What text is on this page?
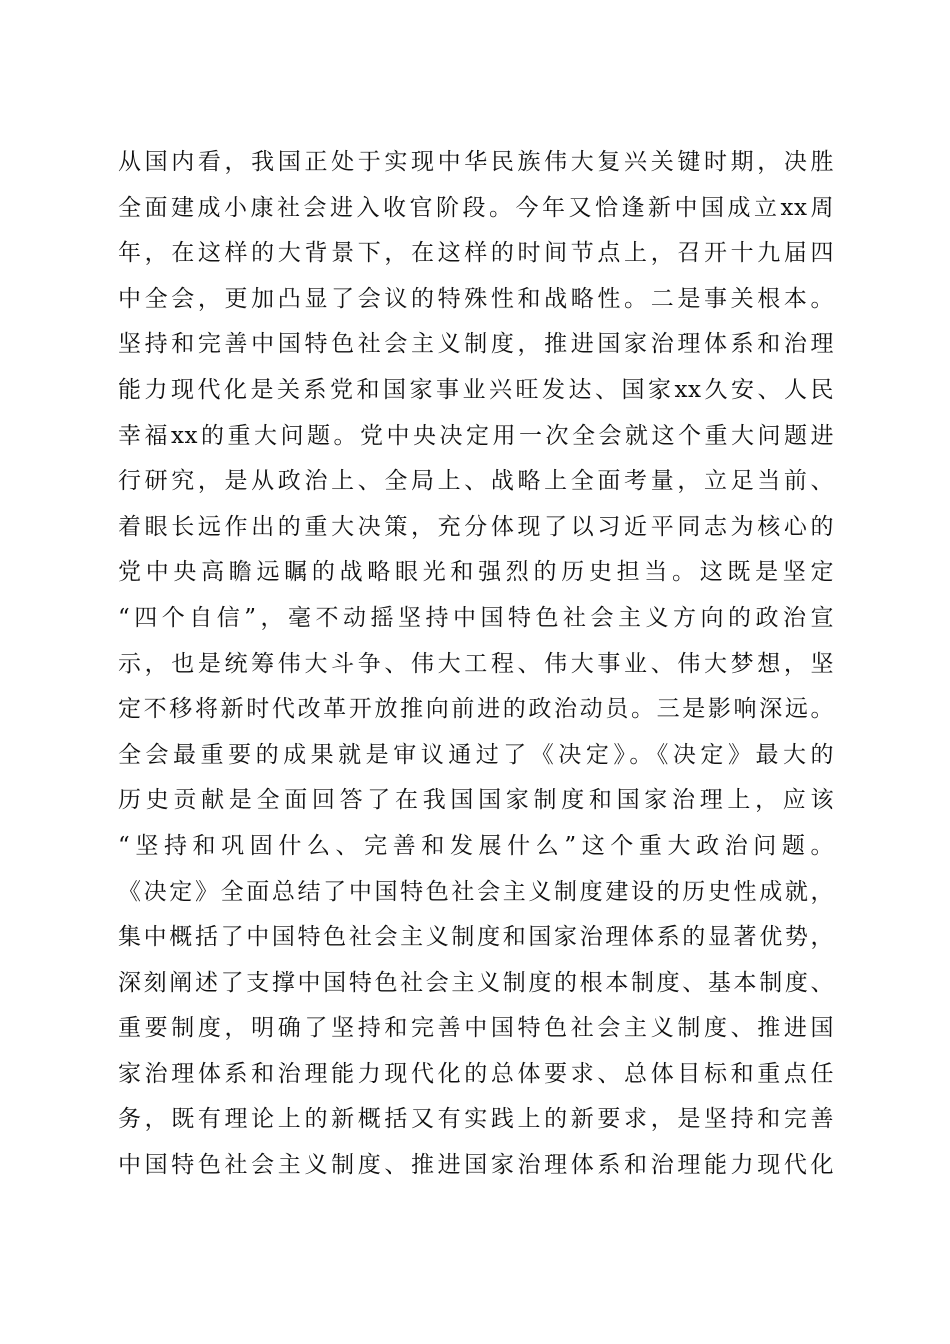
从国内看，我国正处于实现中华民族伟大复兴关键时期，决胜
全面建成小康社会进入收官阶段。今年又恰逢新中国成立xx周
年，在这样的大背景下，在这样的时间节点上，召开十九届四
中全会，更加凸显了会议的特殊性和战略性。二是事关根本。
坚持和完善中国特色社会主义制度，推进国家治理体系和治理
能力现代化是关系党和国家事业兴旺发达、国家xx久安、人民
幸福xx的重大问题。党中央决定用一次全会就这个重大问题进
行研究，是从政治上、全局上、战略上全面考量，立足当前、
着眼长远作出的重大决策，充分体现了以习近平同志为核心的
党中央高瞻远瞩的战略眼光和强烈的历史担当。这既是坚定
“四个自信”，毫不动摇坚持中国特色社会主义方向的政治宣
示，也是统筹伟大斗争、伟大工程、伟大事业、伟大梦想，坚
定不移将新时代改革开放推向前进的政治动员。三是影响深远。
全会最重要的成果就是审议通过了《决定》。《决定》最大的
历史贡献是全面回答了在我国国家制度和国家治理上，应该
“坚持和巩固什么、完善和发展什么”这个重大政治问题。
《决定》全面总结了中国特色社会主义制度建设的历史性成就，
集中概括了中国特色社会主义制度和国家治理体系的显著优势，
深刻阐述了支撑中国特色社会主义制度的根本制度、基本制度、
重要制度，明确了坚持和完善中国特色社会主义制度、推进国
家治理体系和治理能力现代化的总体要求、总体目标和重点任
务，既有理论上的新概括又有实践上的新要求，是坚持和完善
中国特色社会主义制度、推进国家治理体系和治理能力现代化
